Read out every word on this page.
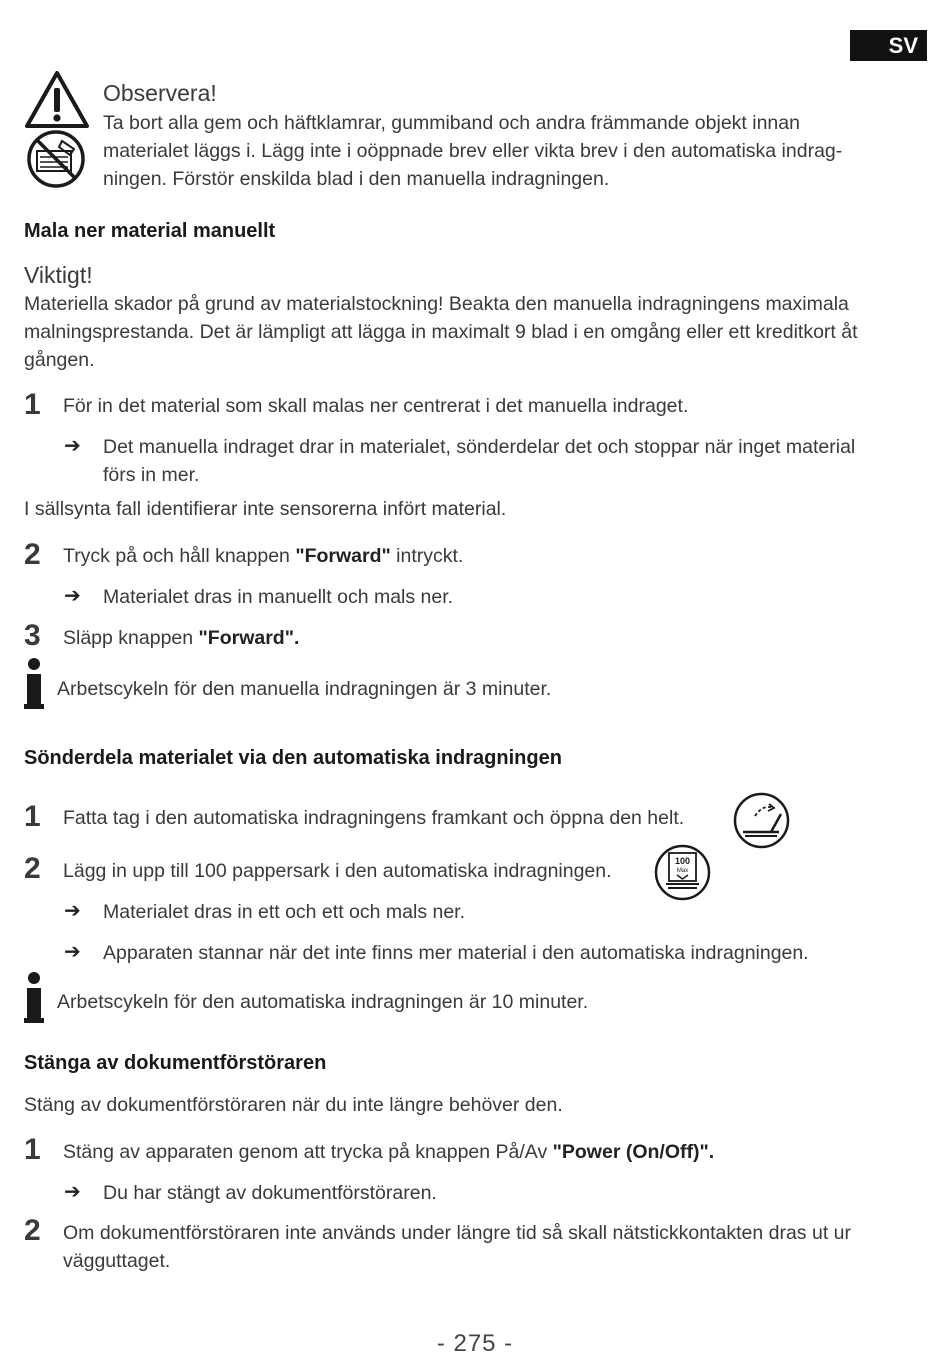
SV
Observera!
Ta bort alla gem och häftklamrar, gummiband och andra främmande objekt innan
materialet läggs i. Lägg inte i oöppnade brev eller vikta brev i den automatiska indrag-
ningen. Förstör enskilda blad i den manuella indragningen.
Mala ner material manuellt
Viktigt!
Materiella skador på grund av materialstockning! Beakta den manuella indragningens maximala
malningsprestanda. Det är lämpligt att lägga in maximalt 9 blad i en omgång eller ett kreditkort åt
gången.
1 För in det material som skall malas ner centrerat i det manuella indraget.
➔ Det manuella indraget drar in materialet, sönderdelar det och stoppar när inget material
förs in mer.
I sällsynta fall identifierar inte sensorerna infört material.
2 Tryck på och håll knappen "Forward" intryckt.
➔ Materialet dras in manuellt och mals ner.
3 Släpp knappen "Forward".
Arbetscykeln för den manuella indragningen är 3 minuter.
Sönderdela materialet via den automatiska indragningen
1 Fatta tag i den automatiska indragningens framkant och öppna den helt.
2 Lägg in upp till 100 pappersark i den automatiska indragningen.	100
Max
➔ Materialet dras in ett och ett och mals ner.
➔ Apparaten stannar när det inte finns mer material i den automatiska indragningen.
Arbetscykeln för den automatiska indragningen är 10 minuter.
Stänga av dokumentförstöraren
Stäng av dokumentförstöraren när du inte längre behöver den.
1 Stäng av apparaten genom att trycka på knappen På/Av "Power (On/Off)".
➔ Du har stängt av dokumentförstöraren.
2 Om dokumentförstöraren inte används under längre tid så skall nätstickkontakten dras ut ur
vägguttaget.
- 275 -
